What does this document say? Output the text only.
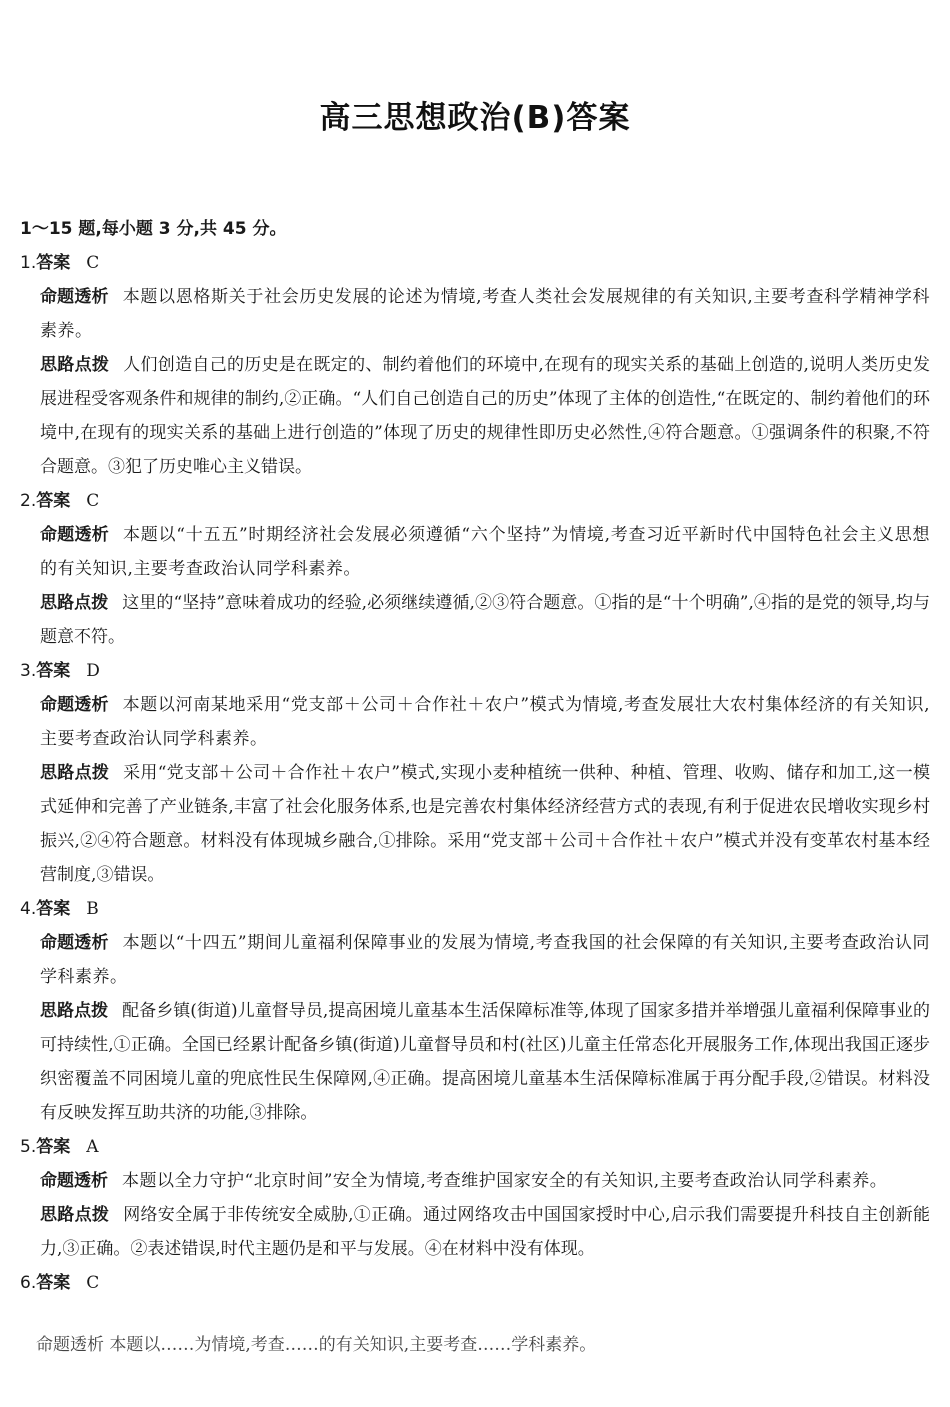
高三思想政治(B)答案

1～15 题,每小题 3 分,共 45 分。

1.答案 C

命题透析 本题以恩格斯关于社会历史发展的论述为情境,考查人类社会发展规律的有关知识,主要考查科学精神学科素养。

思路点拨 人们创造自己的历史是在既定的、制约着他们的环境中,在现有的现实关系的基础上创造的,说明人类历史发展进程受客观条件和规律的制约,②正确。“人们自己创造自己的历史”体现了主体的创造性,“在既定的、制约着他们的环境中,在现有的现实关系的基础上进行创造的”体现了历史的规律性即历史必然性,④符合题意。①强调条件的积聚,不符合题意。③犯了历史唯心主义错误。

2.答案 C

命题透析 本题以“十五五”时期经济社会发展必须遵循“六个坚持”为情境,考查习近平新时代中国特色社会主义思想的有关知识,主要考查政治认同学科素养。

思路点拨 这里的“坚持”意味着成功的经验,必须继续遵循,②③符合题意。①指的是“十个明确”,④指的是党的领导,均与题意不符。

3.答案 D

命题透析 本题以河南某地采用“党支部＋公司＋合作社＋农户”模式为情境,考查发展壮大农村集体经济的有关知识,主要考查政治认同学科素养。

思路点拨 采用“党支部＋公司＋合作社＋农户”模式,实现小麦种植统一供种、种植、管理、收购、储存和加工,这一模式延伸和完善了产业链条,丰富了社会化服务体系,也是完善农村集体经济经营方式的表现,有利于促进农民增收实现乡村振兴,②④符合题意。材料没有体现城乡融合,①排除。采用“党支部＋公司＋合作社＋农户”模式并没有变革农村基本经营制度,③错误。

4.答案 B

命题透析 本题以“十四五”期间儿童福利保障事业的发展为情境,考查我国的社会保障的有关知识,主要考查政治认同学科素养。

思路点拨 配备乡镇(街道)儿童督导员,提高困境儿童基本生活保障标准等,体现了国家多措并举增强儿童福利保障事业的可持续性,①正确。全国已经累计配备乡镇(街道)儿童督导员和村(社区)儿童主任常态化开展服务工作,体现出我国正逐步织密覆盖不同困境儿童的兜底性民生保障网,④正确。提高困境儿童基本生活保障标准属于再分配手段,②错误。材料没有反映发挥互助共济的功能,③排除。

5.答案 A

命题透析 本题以全力守护“北京时间”安全为情境,考查维护国家安全的有关知识,主要考查政治认同学科素养。

思路点拨 网络安全属于非传统安全威胁,①正确。通过网络攻击中国国家授时中心,启示我们需要提升科技自主创新能力,③正确。②表述错误,时代主题仍是和平与发展。④在材料中没有体现。

6.答案 C
命题透析 本题以……为情境,考查……的有关知识,主要考查……学科素养。
